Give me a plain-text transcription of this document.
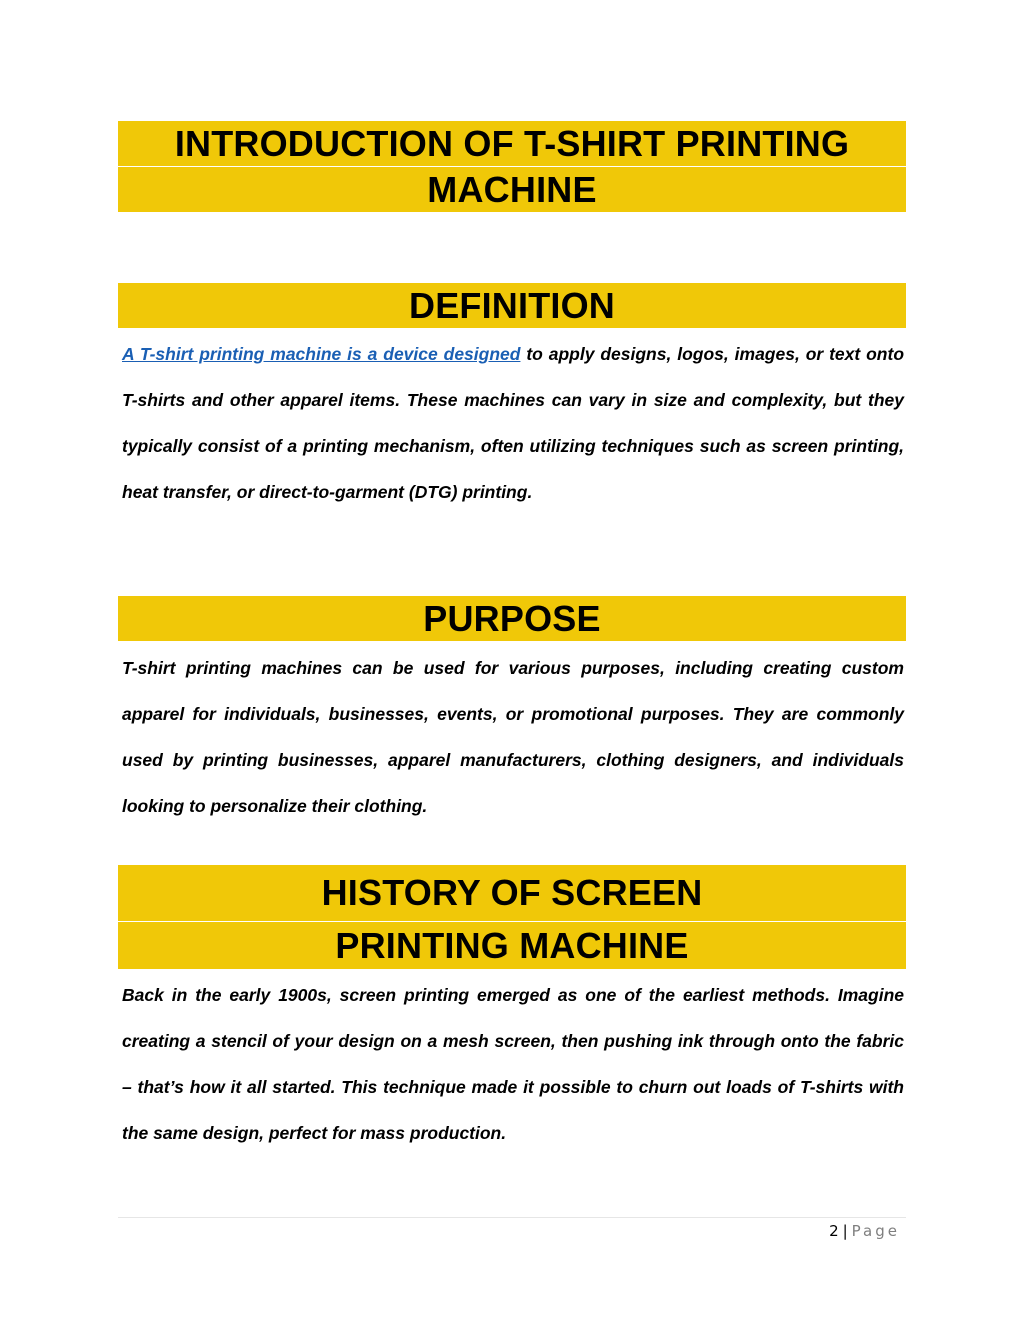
INTRODUCTION OF T-SHIRT PRINTING
MACHINE
DEFINITION
A T-shirt printing machine is a device designed to apply designs, logos, images, or text onto T-shirts and other apparel items. These machines can vary in size and complexity, but they typically consist of a printing mechanism, often utilizing techniques such as screen printing, heat transfer, or direct-to-garment (DTG) printing.
PURPOSE
T-shirt printing machines can be used for various purposes, including creating custom apparel for individuals, businesses, events, or promotional purposes. They are commonly used by printing businesses, apparel manufacturers, clothing designers, and individuals looking to personalize their clothing.
HISTORY OF SCREEN
PRINTING MACHINE
Back in the early 1900s, screen printing emerged as one of the earliest methods. Imagine creating a stencil of your design on a mesh screen, then pushing ink through onto the fabric – that’s how it all started. This technique made it possible to churn out loads of T-shirts with the same design, perfect for mass production.
2 | Page
